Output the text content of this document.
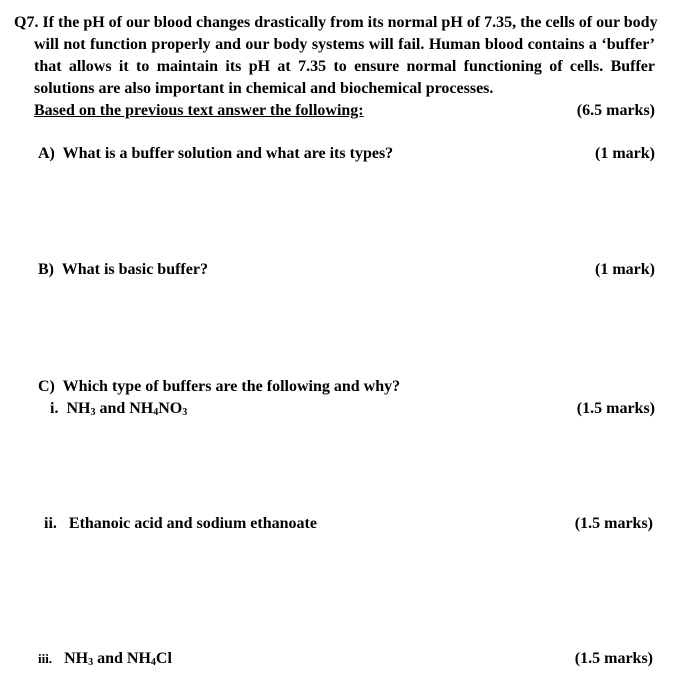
Q7. If the pH of our blood changes drastically from its normal pH of 7.35, the cells of our body
will not function properly and our body systems will fail. Human blood contains a ‘buffer’
that allows it to maintain its pH at 7.35 to ensure normal functioning of cells. Buffer
solutions are also important in chemical and biochemical processes.
Based on the previous text answer the following:	(6.5 marks)
A) What is a buffer solution and what are its types?	(1 mark)
B) What is basic buffer?	(1 mark)
C) Which type of buffers are the following and why?
i. $NH_3$ and $NH_4NO_3$	(1.5 marks)
ii. Ethanoic acid and sodium ethanoate	(1.5 marks)
iii. $NH_3$ and $NH_4Cl$	(1.5 marks)
